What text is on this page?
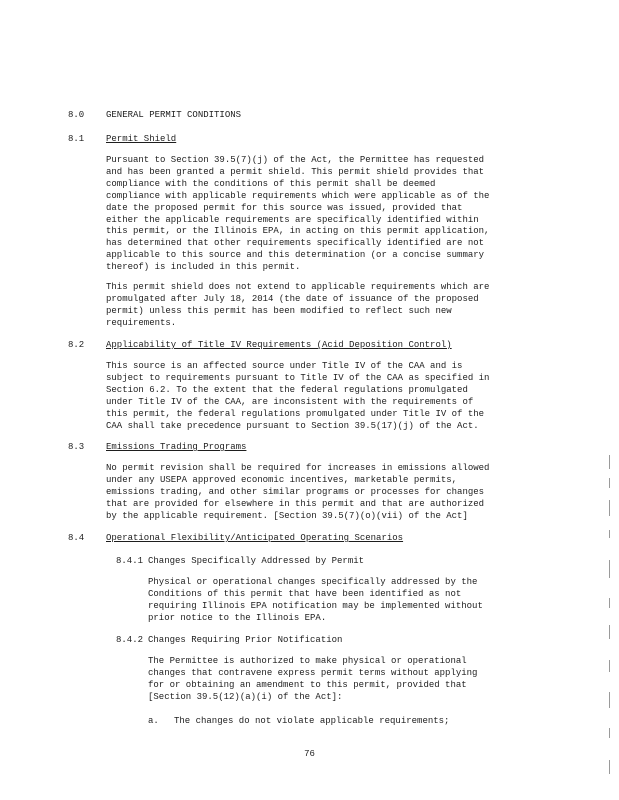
8.0 GENERAL PERMIT CONDITIONS
8.1 Permit Shield

Pursuant to Section 39.5(7)(j) of the Act, the Permittee has requested
and has been granted a permit shield. This permit shield provides that
compliance with the conditions of this permit shall be deemed
compliance with applicable requirements which were applicable as of the
date the proposed permit for this source was issued, provided that
either the applicable requirements are specifically identified within
this permit, or the Illinois EPA, in acting on this permit application,
has determined that other requirements specifically identified are not
applicable to this source and this determination (or a concise summary
thereof) is included in this permit.

This permit shield does not extend to applicable requirements which are
promulgated after July 18, 2014 (the date of issuance of the proposed
permit) unless this permit has been modified to reflect such new
requirements.

8.2 Applicability of Title IV Requirements (Acid Deposition Control)

This source is an affected source under Title IV of the CAA and is
subject to requirements pursuant to Title IV of the CAA as specified in
Section 6.2. To the extent that the federal regulations promulgated
under Title IV of the CAA, are inconsistent with the requirements of
this permit, the federal regulations promulgated under Title IV of the
CAA shall take precedence pursuant to Section 39.5(17)(j) of the Act.

8.3 Emissions Trading Programs

No permit revision shall be required for increases in emissions allowed
under any USEPA approved economic incentives, marketable permits,
emissions trading, and other similar programs or processes for changes
that are provided for elsewhere in this permit and that are authorized
by the applicable requirement. [Section 39.5(7)(o)(vii) of the Act]

8.4 Operational Flexibility/Anticipated Operating Scenarios
8.4.1 Changes Specifically Addressed by Permit

Physical or operational changes specifically addressed by the
Conditions of this permit that have been identified as not
requiring Illinois EPA notification may be implemented without
prior notice to the Illinois EPA.

8.4.2 Changes Requiring Prior Notification

The Permittee is authorized to make physical or operational
changes that contravene express permit terms without applying
for or obtaining an amendment to this permit, provided that
[Section 39.5(12)(a)(i) of the Act]:

a. The changes do not violate applicable requirements;
76
